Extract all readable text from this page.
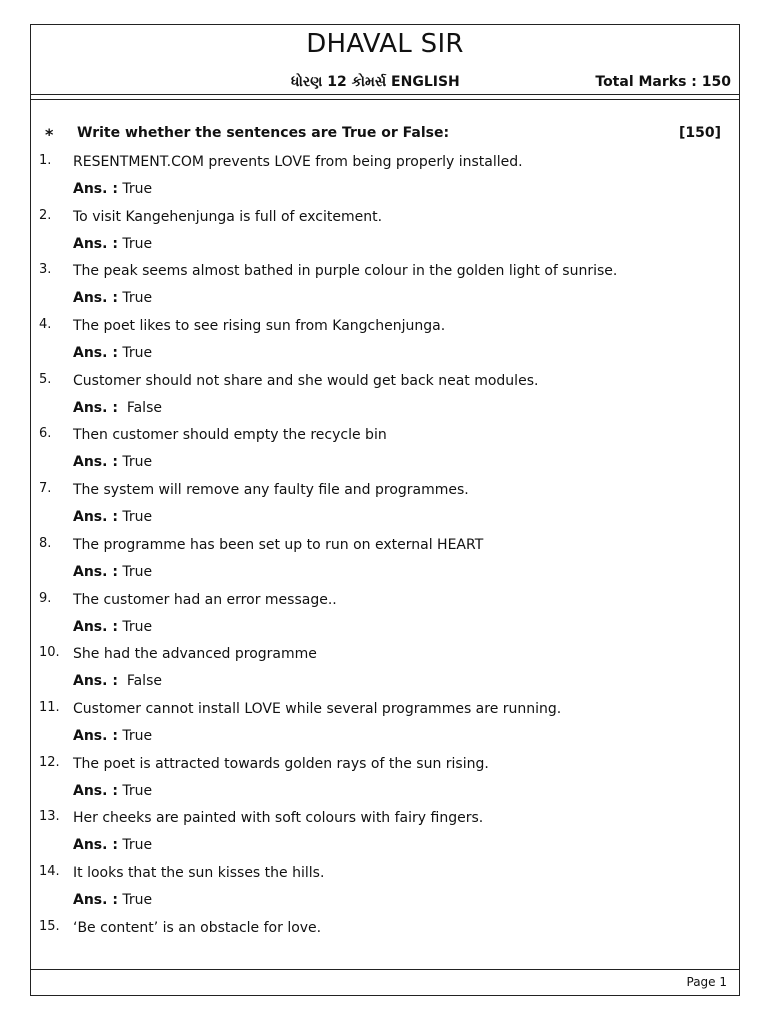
DHAVAL SIR
ધોરણ 12 કોમર્સ ENGLISH	Total Marks : 150
* Write whether the sentences are True or False:	[150]
1. RESENTMENT.COM prevents LOVE from being properly installed.
Ans. : True
2. To visit Kangehenjunga is full of excitement.
Ans. : True
3. The peak seems almost bathed in purple colour in the golden light of sunrise.
Ans. : True
4. The poet likes to see rising sun from Kangchenjunga.
Ans. : True
5. Customer should not share and she would get back neat modules.
Ans. :  False
6. Then customer should empty the recycle bin
Ans. : True
7. The system will remove any faulty file and programmes.
Ans. : True
8. The programme has been set up to run on external HEART
Ans. : True
9. The customer had an error message..
Ans. : True
10. She had the advanced programme
Ans. :  False
11. Customer cannot install LOVE while several programmes are running.
Ans. : True
12. The poet is attracted towards golden rays of the sun rising.
Ans. : True
13. Her cheeks are painted with soft colours with fairy fingers.
Ans. : True
14. It looks that the sun kisses the hills.
Ans. : True
15. ‘Be content’ is an obstacle for love.
Page 1
